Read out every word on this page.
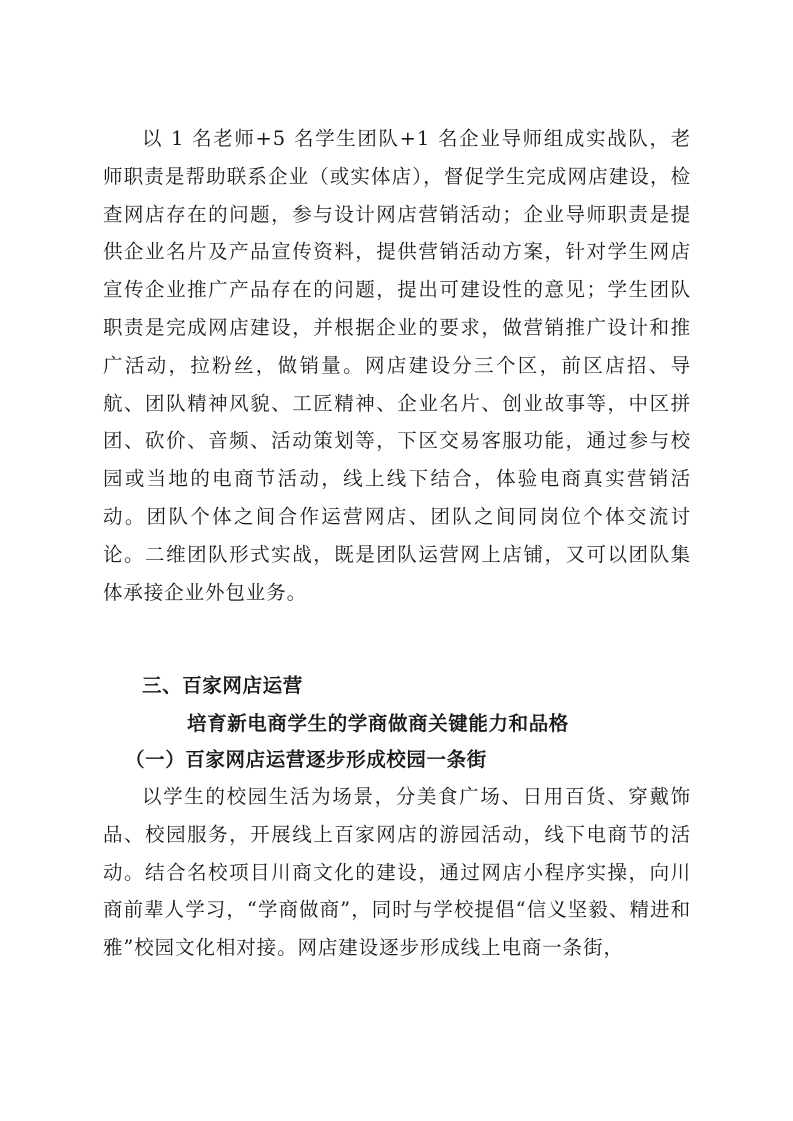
以 1 名老师+5 名学生团队+1 名企业导师组成实战队，老师职责是帮助联系企业（或实体店），督促学生完成网店建设，检查网店存在的问题，参与设计网店营销活动；企业导师职责是提供企业名片及产品宣传资料，提供营销活动方案，针对学生网店宣传企业推广产品存在的问题，提出可建设性的意见；学生团队职责是完成网店建设，并根据企业的要求，做营销推广设计和推广活动，拉粉丝，做销量。网店建设分三个区，前区店招、导航、团队精神风貌、工匠精神、企业名片、创业故事等，中区拼团、砍价、音频、活动策划等，下区交易客服功能，通过参与校园或当地的电商节活动，线上线下结合，体验电商真实营销活动。团队个体之间合作运营网店、团队之间同岗位个体交流讨论。二维团队形式实战，既是团队运营网上店铺，又可以团队集体承接企业外包业务。

三、百家网店运营
培育新电商学生的学商做商关键能力和品格
（一）百家网店运营逐步形成校园一条街

以学生的校园生活为场景，分美食广场、日用百货、穿戴饰品、校园服务，开展线上百家网店的游园活动，线下电商节的活动。结合名校项目川商文化的建设，通过网店小程序实操，向川商前辈人学习，“学商做商”，同时与学校提倡“信义坚毅、精进和雅”校园文化相对接。网店建设逐步形成线上电商一条街，
